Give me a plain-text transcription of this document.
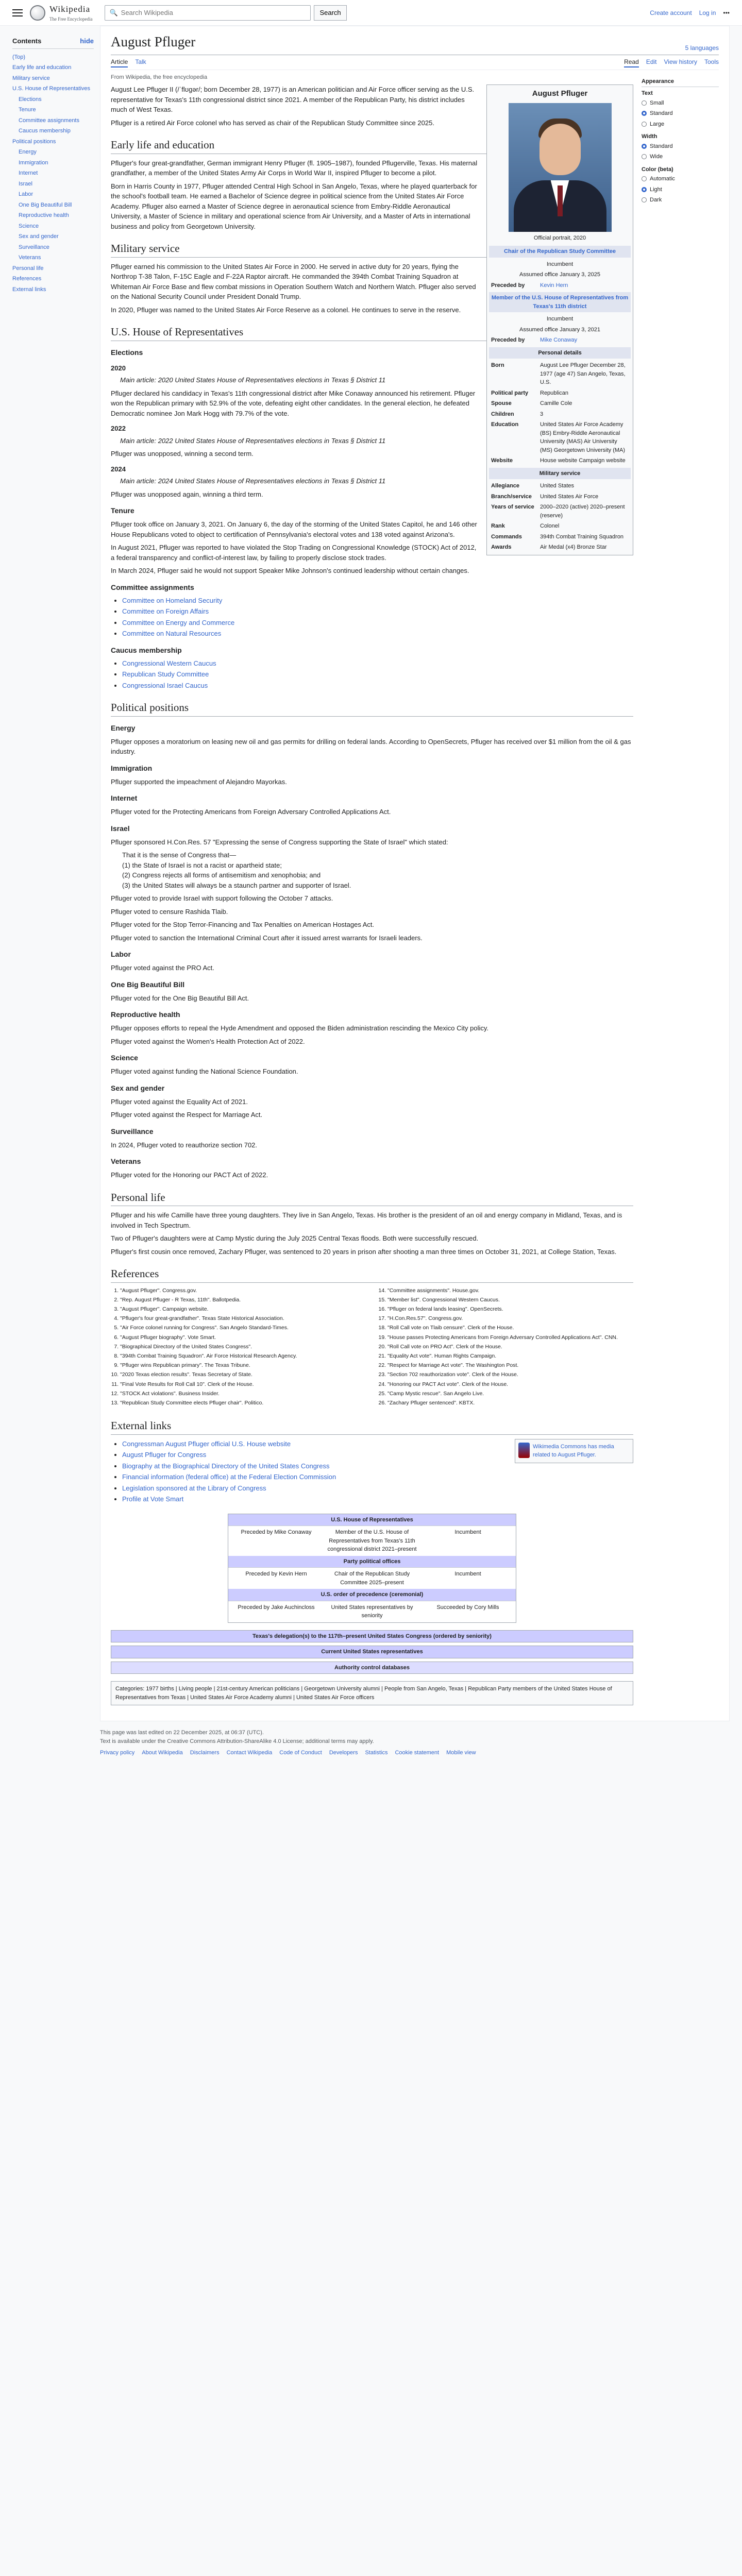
Wikipedia
The Free Encyclopedia
🔍
Search Wikipedia	Search	Create account Log in •••
Contents	hide
(Top)
Early life and education
Military service
U.S. House of Representatives
Elections
Tenure
Committee assignments
Caucus membership
Political positions
Energy
Immigration
Internet
Israel
Labor
One Big Beautiful Bill
Reproductive health
Science
Sex and gender
Surveillance
Veterans
Personal life
References
External links
August Pfluger	5 languages
Article Talk	Read Edit View history Tools
From Wikipedia, the free encyclopedia
August Pfluger
Official portrait, 2020
Chair of the Republican Study Committee
Incumbent
Assumed office January 3, 2025
Preceded by	Kevin Hern
Member of the U.S. House of Representatives from Texas's 11th district
Incumbent
Assumed office January 3, 2021
Preceded by	Mike Conaway
Personal details
Born	August Lee Pfluger December 28, 1977 (age 47) San Angelo, Texas, U.S.
Political party	Republican
Spouse	Camille Cole
Children	3
Education	United States Air Force Academy (BS) Embry-Riddle Aeronautical University (MAS) Air University (MS) Georgetown University (MA)
Website	House website Campaign website
Military service
Allegiance	United States
Branch/service	United States Air Force
Years of service	2000–2020 (active) 2020–present (reserve)
Rank	Colonel
Commands	394th Combat Training Squadron
Awards	Air Medal (x4) Bronze Star

August Lee Pfluger II (/ˈflʊɡər/; born December 28, 1977) is an American politician and Air Force officer serving as the U.S. representative for Texas's 11th congressional district since 2021. A member of the Republican Party, his district includes much of West Texas.

Pfluger is a retired Air Force colonel who has served as chair of the Republican Study Committee since 2025.

Early life and education

Pfluger's four great-grandfather, German immigrant Henry Pfluger (fl. 1905–1987), founded Pflugerville, Texas. His maternal grandfather, a member of the United States Army Air Corps in World War II, inspired Pfluger to become a pilot.

Born in Harris County in 1977, Pfluger attended Central High School in San Angelo, Texas, where he played quarterback for the school's football team. He earned a Bachelor of Science degree in political science from the United States Air Force Academy. Pfluger also earned a Master of Science degree in aeronautical science from Embry-Riddle Aeronautical University, a Master of Science in military and operational science from Air University, and a Master of Arts in international business and policy from Georgetown University.

Military service

Pfluger earned his commission to the United States Air Force in 2000. He served in active duty for 20 years, flying the Northrop T-38 Talon, F-15C Eagle and F-22A Raptor aircraft. He commanded the 394th Combat Training Squadron at Whiteman Air Force Base and flew combat missions in Operation Southern Watch and Northern Watch. Pfluger also served on the National Security Council under President Donald Trump.

In 2020, Pfluger was named to the United States Air Force Reserve as a colonel. He continues to serve in the reserve.

U.S. House of Representatives
Elections
2020
Main article: 2020 United States House of Representatives elections in Texas § District 11

Pfluger declared his candidacy in Texas's 11th congressional district after Mike Conaway announced his retirement. Pfluger won the Republican primary with 52.9% of the vote, defeating eight other candidates. In the general election, he defeated Democratic nominee Jon Mark Hogg with 79.7% of the vote.

2022
Main article: 2022 United States House of Representatives elections in Texas § District 11

Pfluger was unopposed, winning a second term.

2024
Main article: 2024 United States House of Representatives elections in Texas § District 11

Pfluger was unopposed again, winning a third term.

Tenure

Pfluger took office on January 3, 2021. On January 6, the day of the storming of the United States Capitol, he and 146 other House Republicans voted to object to certification of Pennsylvania's electoral votes and 138 voted against Arizona's.

In August 2021, Pfluger was reported to have violated the Stop Trading on Congressional Knowledge (STOCK) Act of 2012, a federal transparency and conflict-of-interest law, by failing to properly disclose stock trades.

In March 2024, Pfluger said he would not support Speaker Mike Johnson's continued leadership without certain changes.

Committee assignments
• Committee on Homeland Security
• Committee on Foreign Affairs
• Committee on Energy and Commerce
• Committee on Natural Resources
Caucus membership
• Congressional Western Caucus
• Republican Study Committee
• Congressional Israel Caucus
Political positions
Energy

Pfluger opposes a moratorium on leasing new oil and gas permits for drilling on federal lands. According to OpenSecrets, Pfluger has received over $1 million from the oil & gas industry.

Immigration

Pfluger supported the impeachment of Alejandro Mayorkas.

Internet

Pfluger voted for the Protecting Americans from Foreign Adversary Controlled Applications Act.

Israel

Pfluger sponsored H.Con.Res. 57 "Expressing the sense of Congress supporting the State of Israel" which stated:

That it is the sense of Congress that—
(1) the State of Israel is not a racist or apartheid state;
(2) Congress rejects all forms of antisemitism and xenophobia; and
(3) the United States will always be a staunch partner and supporter of Israel.

Pfluger voted to provide Israel with support following the October 7 attacks.

Pfluger voted to censure Rashida Tlaib.

Pfluger voted for the Stop Terror-Financing and Tax Penalties on American Hostages Act.

Pfluger voted to sanction the International Criminal Court after it issued arrest warrants for Israeli leaders.

Labor

Pfluger voted against the PRO Act.

One Big Beautiful Bill

Pfluger voted for the One Big Beautiful Bill Act.

Reproductive health

Pfluger opposes efforts to repeal the Hyde Amendment and opposed the Biden administration rescinding the Mexico City policy.

Pfluger voted against the Women's Health Protection Act of 2022.

Science

Pfluger voted against funding the National Science Foundation.

Sex and gender

Pfluger voted against the Equality Act of 2021.

Pfluger voted against the Respect for Marriage Act.

Surveillance

In 2024, Pfluger voted to reauthorize section 702.

Veterans

Pfluger voted for the Honoring our PACT Act of 2022.

Personal life

Pfluger and his wife Camille have three young daughters. They live in San Angelo, Texas. His brother is the president of an oil and energy company in Midland, Texas, and is involved in Tech Spectrum.

Two of Pfluger's daughters were at Camp Mystic during the July 2025 Central Texas floods. Both were successfully rescued.

Pfluger's first cousin once removed, Zachary Pfluger, was sentenced to 20 years in prison after shooting a man three times on October 31, 2021, at College Station, Texas.

References
1. "August Pfluger". Congress.gov.
2. "Rep. August Pfluger - R Texas, 11th". Ballotpedia.
3. "August Pfluger". Campaign website.
4. "Pfluger's four great-grandfather". Texas State Historical Association.
5. "Air Force colonel running for Congress". San Angelo Standard-Times.
6. "August Pfluger biography". Vote Smart.
7. "Biographical Directory of the United States Congress".
8. "394th Combat Training Squadron". Air Force Historical Research Agency.
9. "Pfluger wins Republican primary". The Texas Tribune.
10. "2020 Texas election results". Texas Secretary of State.
11. "Final Vote Results for Roll Call 10". Clerk of the House.
12. "STOCK Act violations". Business Insider.
13. "Republican Study Committee elects Pfluger chair". Politico.
14. "Committee assignments". House.gov.
15. "Member list". Congressional Western Caucus.
16. "Pfluger on federal lands leasing". OpenSecrets.
17. "H.Con.Res.57". Congress.gov.
18. "Roll Call vote on Tlaib censure". Clerk of the House.
19. "House passes Protecting Americans from Foreign Adversary Controlled Applications Act". CNN.
20. "Roll Call vote on PRO Act". Clerk of the House.
21. "Equality Act vote". Human Rights Campaign.
22. "Respect for Marriage Act vote". The Washington Post.
23. "Section 702 reauthorization vote". Clerk of the House.
24. "Honoring our PACT Act vote". Clerk of the House.
25. "Camp Mystic rescue". San Angelo Live.
26. "Zachary Pfluger sentenced". KBTX.
External links
Wikimedia Commons has media related to August Pfluger.
• Congressman August Pfluger official U.S. House website
• August Pfluger for Congress
• Biography at the Biographical Directory of the United States Congress
• Financial information (federal office) at the Federal Election Commission
• Legislation sponsored at the Library of Congress
• Profile at Vote Smart
U.S. House of Representatives
Preceded by Mike Conaway	Member of the U.S. House of Representatives from Texas's 11th congressional district 2021–present
Incumbent
Party political offices
Preceded by Kevin Hern	Chair of the Republican Study Committee 2025–present
Incumbent
U.S. order of precedence (ceremonial)
Preceded by Jake Auchincloss	United States representatives by seniority
Succeeded by Cory Mills
Texas's delegation(s) to the 117th–present United States Congress (ordered by seniority)
Current United States representatives
Authority control databases
Categories: 1977 births | Living people | 21st-century American politicians | Georgetown University alumni | People from San Angelo, Texas | Republican Party members of the United States House of Representatives from Texas | United States Air Force Academy alumni | United States Air Force officers
Appearance
Text
Small
Standard
Large
Width
Standard
Wide
Color (beta)
Automatic
Light
Dark
This page was last edited on 22 December 2025, at 06:37 (UTC).
Text is available under the Creative Commons Attribution-ShareAlike 4.0 License; additional terms may apply.
Privacy policy About Wikipedia Disclaimers Contact Wikipedia Code of Conduct Developers Statistics Cookie statement Mobile view
